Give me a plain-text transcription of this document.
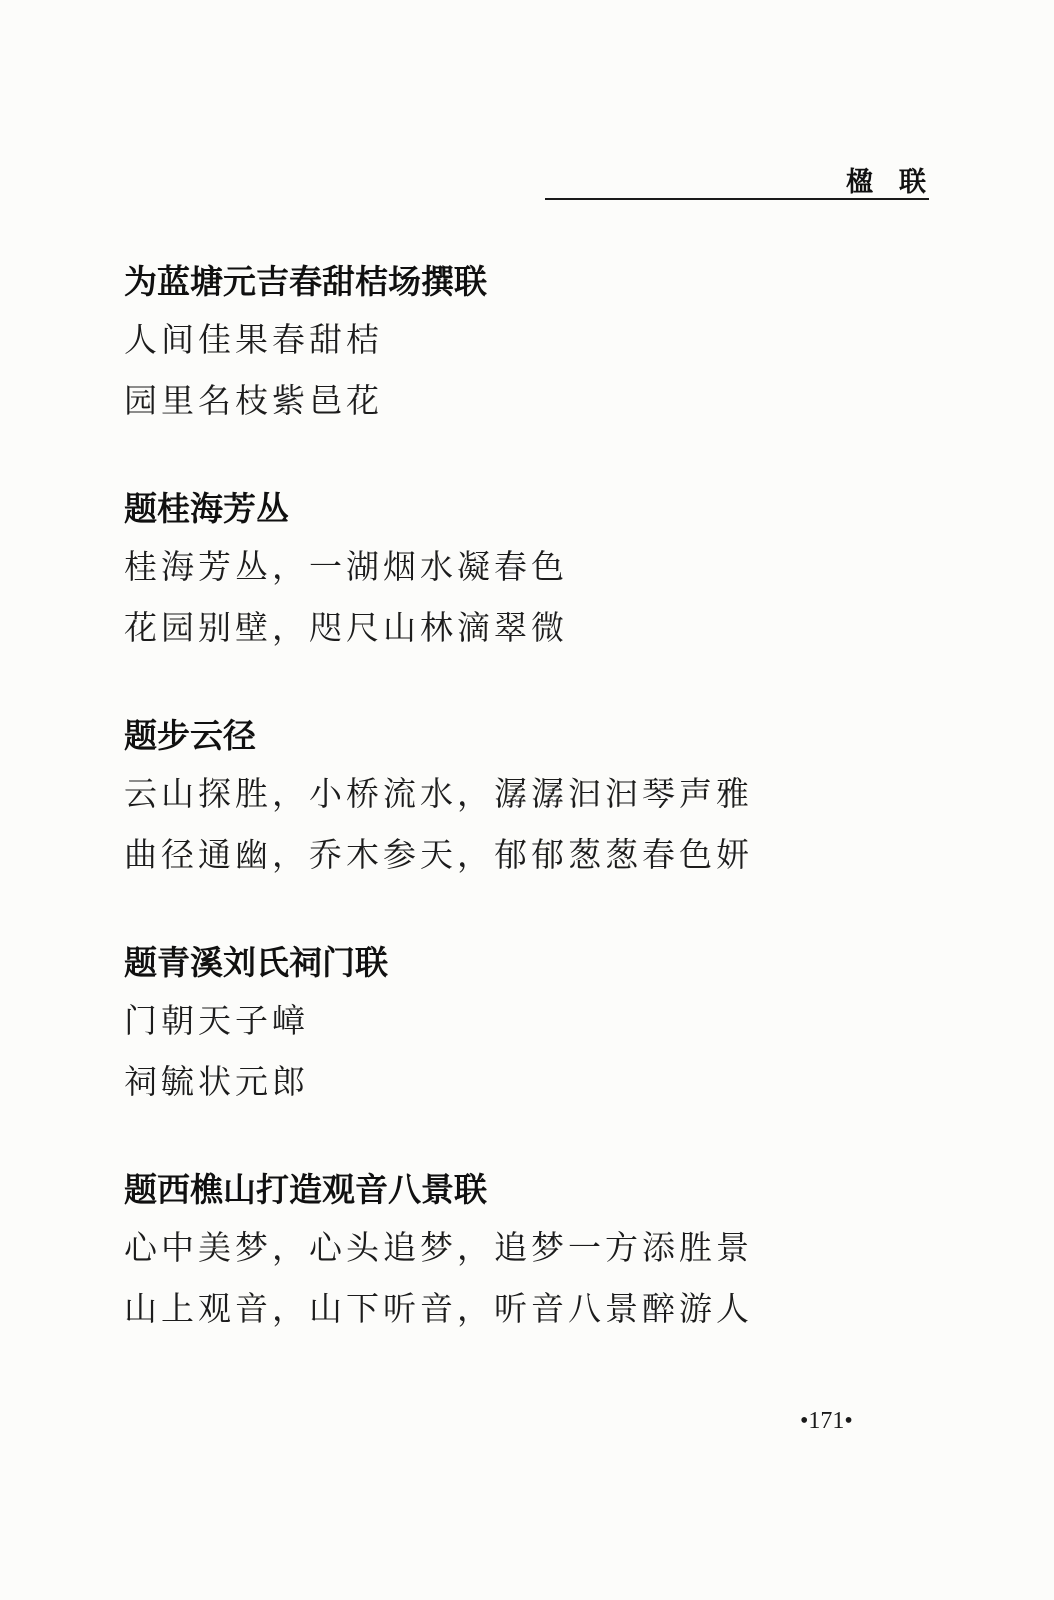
楹联
为蓝塘元吉春甜桔场撰联
人间佳果春甜桔
园里名枝紫邑花
题桂海芳丛
桂海芳丛，一湖烟水凝春色
花园别壁，咫尺山林滴翠微
题步云径
云山探胜，小桥流水，潺潺汩汩琴声雅
曲径通幽，乔木参天，郁郁葱葱春色妍
题青溪刘氏祠门联
门朝天子嶂
祠毓状元郎
题西樵山打造观音八景联
心中美梦，心头追梦，追梦一方添胜景
山上观音，山下听音，听音八景醉游人
•171•
